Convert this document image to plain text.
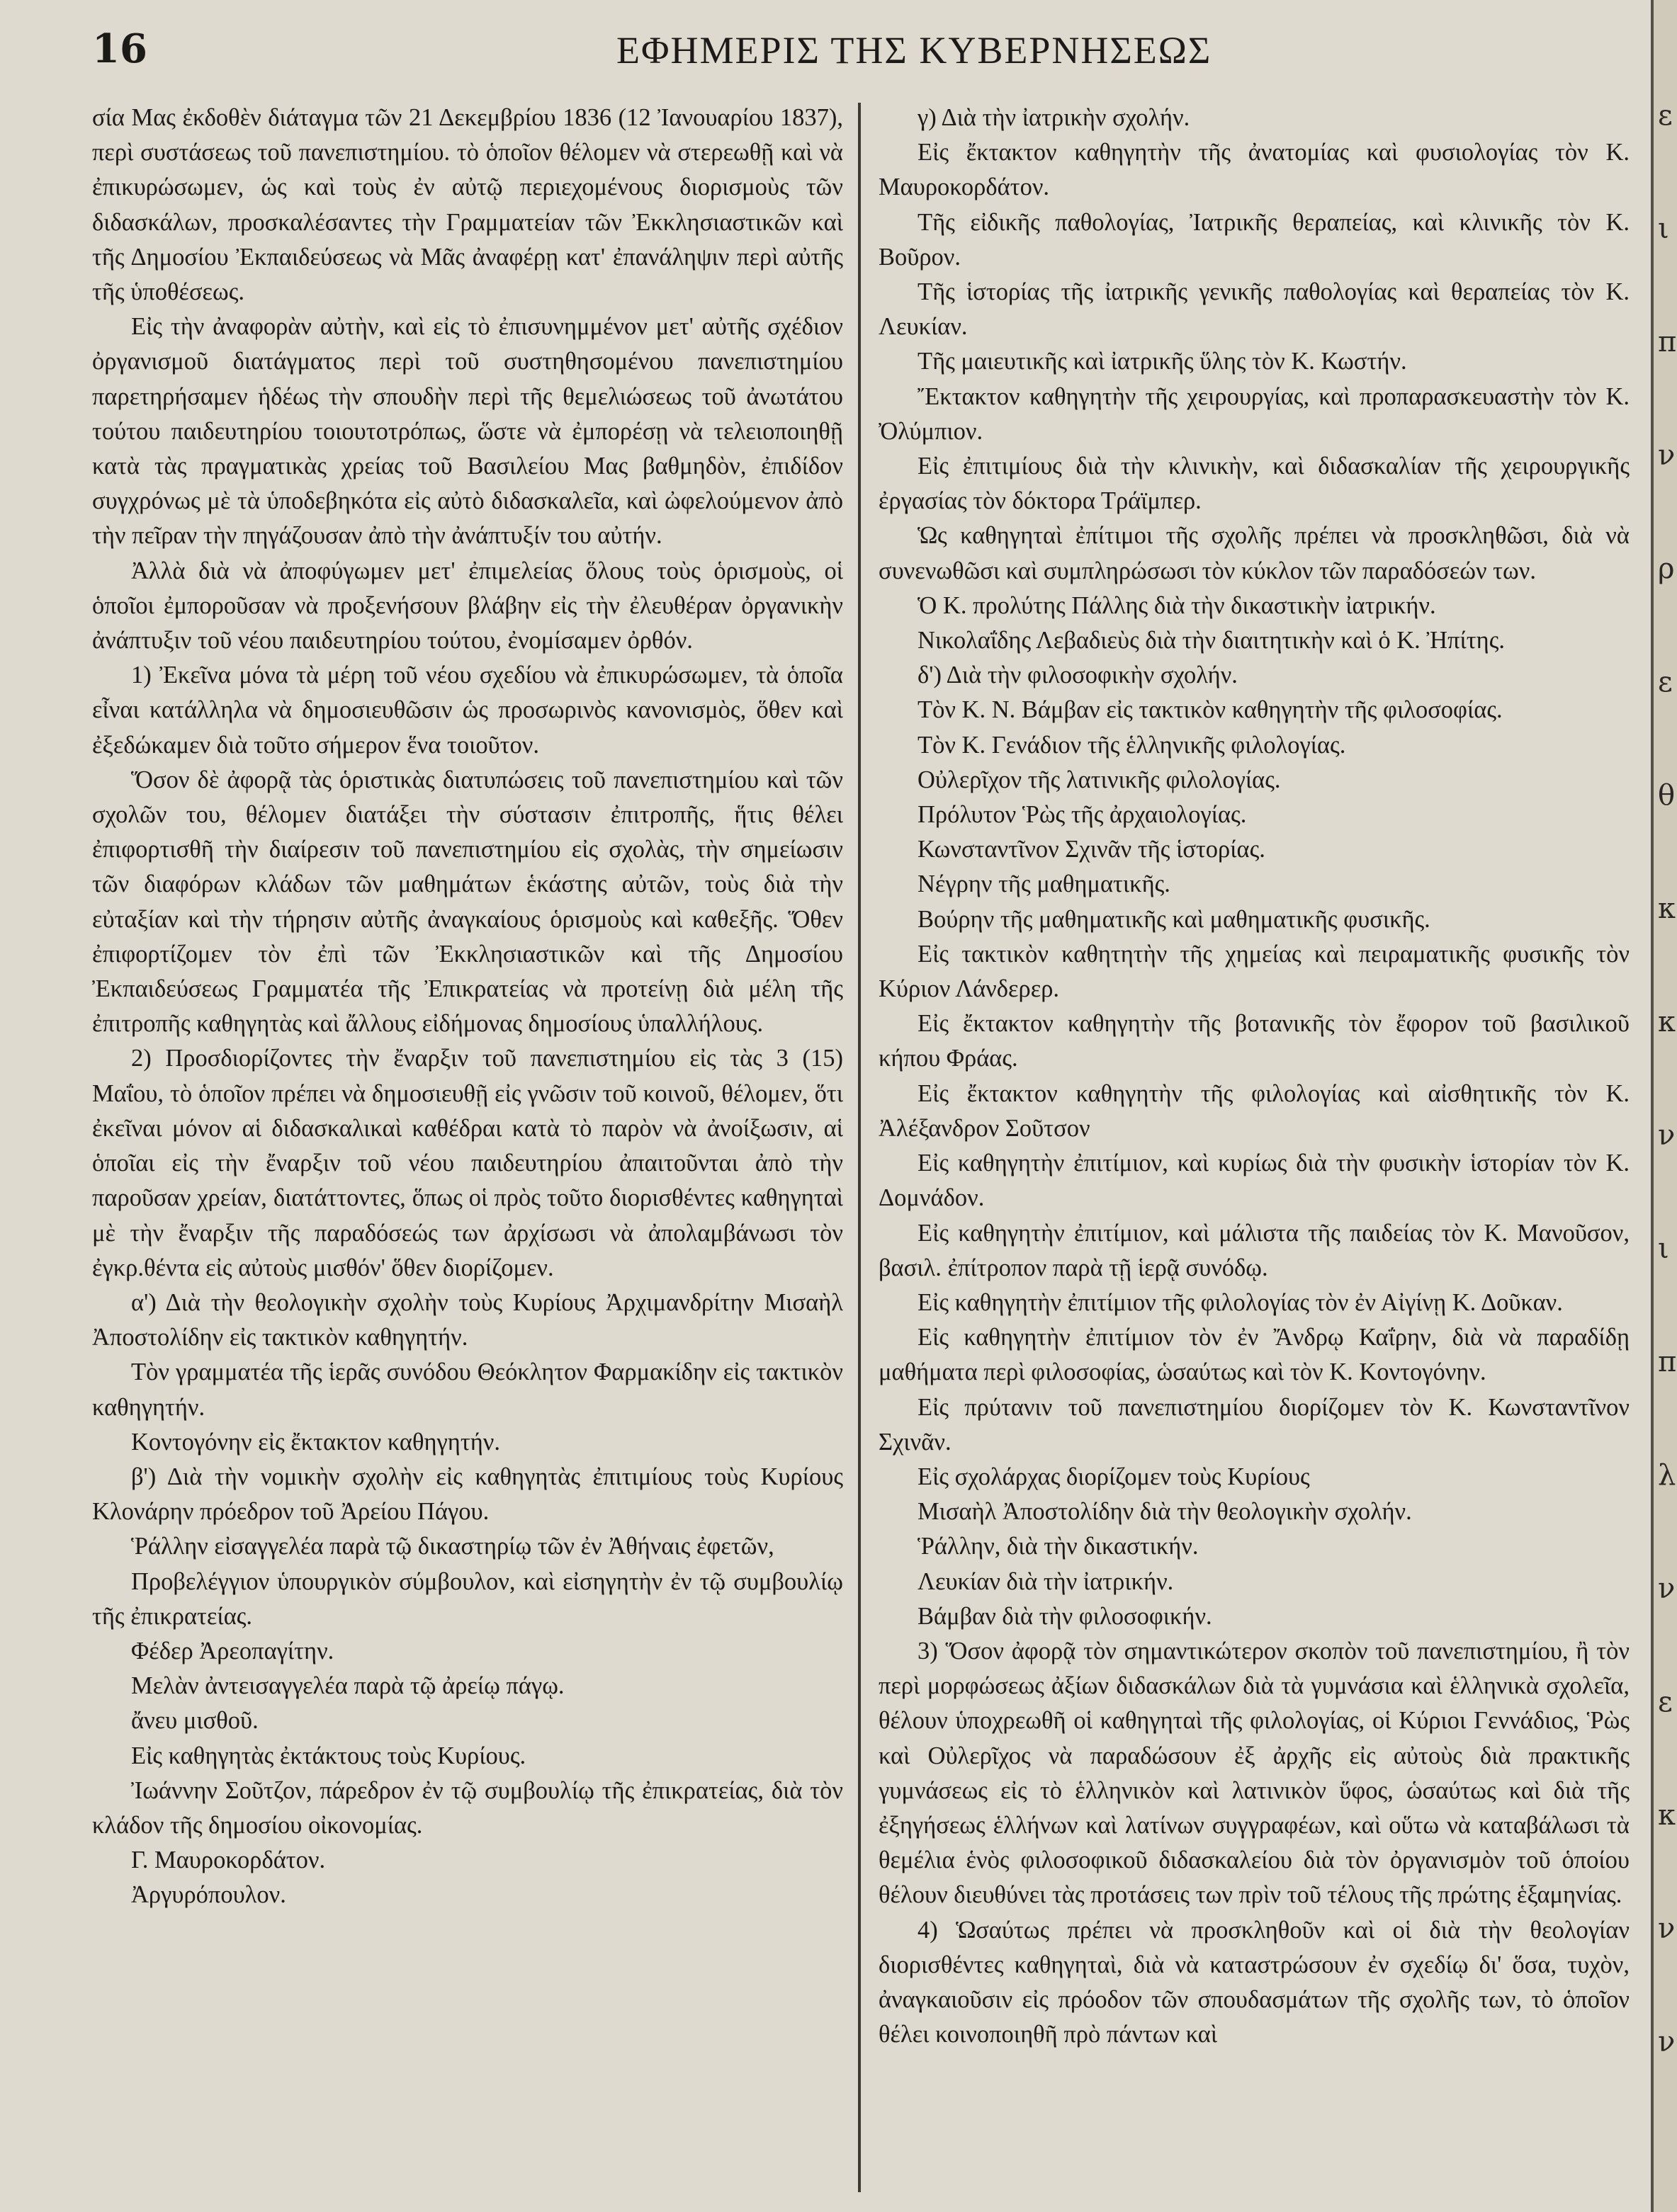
16	ΕΦΗΜΕΡΙΣ ΤΗΣ ΚΥΒΕΡΝΗΣΕΩΣ

σία Μας ἐκδοθὲν διάταγμα τῶν 21 Δεκεμβρίου 1836 (12 Ἰανουαρίου 1837), περὶ συστάσεως τοῦ πανεπιστημίου. τὸ ὁποῖον θέλομεν νὰ στερεωθῇ καὶ νὰ ἐπικυρώσωμεν, ὡς καὶ τοὺς ἐν αὐτῷ περιεχομένους διορισμοὺς τῶν διδασκάλων, προσκαλέσαντες τὴν Γραμματείαν τῶν Ἐκκλησιαστικῶν καὶ τῆς Δημοσίου Ἐκπαιδεύσεως νὰ Μᾶς ἀναφέρῃ κατ' ἐπανάληψιν περὶ αὐτῆς τῆς ὑποθέσεως.

Εἰς τὴν ἀναφορὰν αὐτὴν, καὶ εἰς τὸ ἐπισυνημμένον μετ' αὐτῆς σχέδιον ὀργανισμοῦ διατάγματος περὶ τοῦ συστηθησομένου πανεπιστημίου παρετηρήσαμεν ἡδέως τὴν σπουδὴν περὶ τῆς θεμελιώσεως τοῦ ἀνωτάτου τούτου παιδευτηρίου τοιουτοτρόπως, ὥστε νὰ ἐμπορέσῃ νὰ τελειοποιηθῇ κατὰ τὰς πραγματικὰς χρείας τοῦ Βασιλείου Μας βαθμηδὸν, ἐπιδίδον συγχρόνως μὲ τὰ ὑποδεβηκότα εἰς αὐτὸ διδασκαλεῖα, καὶ ὠφελούμενον ἀπὸ τὴν πεῖραν τὴν πηγάζουσαν ἀπὸ τὴν ἀνάπτυξίν του αὐτήν.

Ἀλλὰ διὰ νὰ ἀποφύγωμεν μετ' ἐπιμελείας ὅλους τοὺς ὁρισμοὺς, οἱ ὁποῖοι ἐμποροῦσαν νὰ προξενήσουν βλάβην εἰς τὴν ἐλευθέραν ὀργανικὴν ἀνάπτυξιν τοῦ νέου παιδευτηρίου τούτου, ἐνομίσαμεν ὀρθόν.

1) Ἐκεῖνα μόνα τὰ μέρη τοῦ νέου σχεδίου νὰ ἐπικυρώσωμεν, τὰ ὁποῖα εἶναι κατάλληλα νὰ δημοσιευθῶσιν ὡς προσωρινὸς κανονισμὸς, ὅθεν καὶ ἐξεδώκαμεν διὰ τοῦτο σήμερον ἕνα τοιοῦτον.

Ὅσον δὲ ἀφορᾷ τὰς ὁριστικὰς διατυπώσεις τοῦ πανεπιστημίου καὶ τῶν σχολῶν του, θέλομεν διατάξει τὴν σύστασιν ἐπιτροπῆς, ἥτις θέλει ἐπιφορτισθῆ τὴν διαίρεσιν τοῦ πανεπιστημίου εἰς σχολὰς, τὴν σημείωσιν τῶν διαφόρων κλάδων τῶν μαθημάτων ἑκάστης αὐτῶν, τοὺς διὰ τὴν εὐταξίαν καὶ τὴν τήρησιν αὐτῆς ἀναγκαίους ὁρισμοὺς καὶ καθεξῆς. Ὅθεν ἐπιφορτίζομεν τὸν ἐπὶ τῶν Ἐκκλησιαστικῶν καὶ τῆς Δημοσίου Ἐκπαιδεύσεως Γραμματέα τῆς Ἐπικρατείας νὰ προτείνῃ διὰ μέλη τῆς ἐπιτροπῆς καθηγητὰς καὶ ἄλλους εἰδήμονας δημοσίους ὑπαλλήλους.

2) Προσδιορίζοντες τὴν ἔναρξιν τοῦ πανεπιστημίου εἰς τὰς 3 (15) Μαΐου, τὸ ὁποῖον πρέπει νὰ δημοσιευθῇ εἰς γνῶσιν τοῦ κοινοῦ, θέλομεν, ὅτι ἐκεῖναι μόνον αἱ διδασκαλικαὶ καθέδραι κατὰ τὸ παρὸν νὰ ἀνοίξωσιν, αἱ ὁποῖαι εἰς τὴν ἔναρξιν τοῦ νέου παιδευτηρίου ἀπαιτοῦνται ἀπὸ τὴν παροῦσαν χρείαν, διατάττοντες, ὅπως οἱ πρὸς τοῦτο διορισθέντες καθηγηταὶ μὲ τὴν ἔναρξιν τῆς παραδόσεώς των ἀρχίσωσι νὰ ἀπολαμβάνωσι τὸν ἐγκρ.θέντα εἰς αὐτοὺς μισθόν' ὅθεν διορίζομεν.

α') Διὰ τὴν θεολογικὴν σχολὴν τοὺς Κυρίους Ἀρχιμανδρίτην Μισαὴλ Ἀποστολίδην εἰς τακτικὸν καθηγητήν.

Τὸν γραμματέα τῆς ἱερᾶς συνόδου Θεόκλητον Φαρμακίδην εἰς τακτικὸν καθηγητήν.

Κοντογόνην εἰς ἔκτακτον καθηγητήν.

β') Διὰ τὴν νομικὴν σχολὴν εἰς καθηγητὰς ἐπιτιμίους τοὺς Κυρίους Κλονάρην πρόεδρον τοῦ Ἀρείου Πάγου.

Ῥάλλην εἰσαγγελέα παρὰ τῷ δικαστηρίῳ τῶν ἐν Ἀθήναις ἐφετῶν,

Προβελέγγιον ὑπουργικὸν σύμβουλον, καὶ εἰσηγητὴν ἐν τῷ συμβουλίῳ τῆς ἐπικρατείας.

Φέδερ Ἀρεοπαγίτην.

Μελὰν ἀντεισαγγελέα παρὰ τῷ ἀρείῳ πάγῳ.

ἄνευ μισθοῦ.

Εἰς καθηγητὰς ἐκτάκτους τοὺς Κυρίους.

Ἰωάννην Σοῦτζον, πάρεδρον ἐν τῷ συμβουλίῳ τῆς ἐπικρατείας, διὰ τὸν κλάδον τῆς δημοσίου οἰκονομίας.

Γ. Μαυροκορδάτον.

Ἀργυρόπουλον.

γ) Διὰ τὴν ἰατρικὴν σχολήν.

Εἰς ἔκτακτον καθηγητὴν τῆς ἀνατομίας καὶ φυσιολογίας τὸν Κ. Μαυροκορδάτον.

Τῆς εἰδικῆς παθολογίας, Ἰατρικῆς θεραπείας, καὶ κλινικῆς τὸν Κ. Βοῦρον.

Τῆς ἱστορίας τῆς ἰατρικῆς γενικῆς παθολογίας καὶ θεραπείας τὸν Κ. Λευκίαν.

Τῆς μαιευτικῆς καὶ ἰατρικῆς ὕλης τὸν Κ. Κωστήν.

Ἔκτακτον καθηγητὴν τῆς χειρουργίας, καὶ προπαρασκευαστὴν τὸν Κ. Ὀλύμπιον.

Εἰς ἐπιτιμίους διὰ τὴν κλινικὴν, καὶ διδασκαλίαν τῆς χειρουργικῆς ἐργασίας τὸν δόκτορα Τράϊμπερ.

Ὡς καθηγηταὶ ἐπίτιμοι τῆς σχολῆς πρέπει νὰ προσκληθῶσι, διὰ νὰ συνενωθῶσι καὶ συμπληρώσωσι τὸν κύκλον τῶν παραδόσεών των.

Ὁ Κ. προλύτης Πάλλης διὰ τὴν δικαστικὴν ἰατρικήν.

Νικολαΐδης Λεβαδιεὺς διὰ τὴν διαιτητικὴν καὶ ὁ Κ. Ἠπίτης.

δ') Διὰ τὴν φιλοσοφικὴν σχολήν.

Τὸν Κ. Ν. Βάμβαν εἰς τακτικὸν καθηγητὴν τῆς φιλοσοφίας.

Τὸν Κ. Γενάδιον τῆς ἑλληνικῆς φιλολογίας.

Οὐλερῖχον τῆς λατινικῆς φιλολογίας.

Πρόλυτον Ῥὼς τῆς ἀρχαιολογίας.

Κωνσταντῖνον Σχινᾶν τῆς ἱστορίας.

Νέγρην τῆς μαθηματικῆς.

Βούρην τῆς μαθηματικῆς καὶ μαθηματικῆς φυσικῆς.

Εἰς τακτικὸν καθητητὴν τῆς χημείας καὶ πειραματικῆς φυσικῆς τὸν Κύριον Λάνδερερ.

Εἰς ἔκτακτον καθηγητὴν τῆς βοτανικῆς τὸν ἔφορον τοῦ βασιλικοῦ κήπου Φράας.

Εἰς ἔκτακτον καθηγητὴν τῆς φιλολογίας καὶ αἰσθητικῆς τὸν Κ. Ἀλέξανδρον Σοῦτσον

Εἰς καθηγητὴν ἐπιτίμιον, καὶ κυρίως διὰ τὴν φυσικὴν ἱστορίαν τὸν Κ. Δομνάδον.

Εἰς καθηγητὴν ἐπιτίμιον, καὶ μάλιστα τῆς παιδείας τὸν Κ. Μανοῦσον, βασιλ. ἐπίτροπον παρὰ τῇ ἱερᾷ συνόδῳ.

Εἰς καθηγητὴν ἐπιτίμιον τῆς φιλολογίας τὸν ἐν Αἰγίνῃ Κ. Δοῦκαν.

Εἰς καθηγητὴν ἐπιτίμιον τὸν ἐν Ἄνδρῳ Καΐρην, διὰ νὰ παραδίδῃ μαθήματα περὶ φιλοσοφίας, ὡσαύτως καὶ τὸν Κ. Κοντογόνην.

Εἰς πρύτανιν τοῦ πανεπιστημίου διορίζομεν τὸν Κ. Κωνσταντῖνον Σχινᾶν.

Εἰς σχολάρχας διορίζομεν τοὺς Κυρίους

Μισαὴλ Ἀποστολίδην διὰ τὴν θεολογικὴν σχολήν.

Ῥάλλην, διὰ τὴν δικαστικήν.

Λευκίαν διὰ τὴν ἰατρικήν.

Βάμβαν διὰ τὴν φιλοσοφικήν.

3) Ὅσον ἀφορᾷ τὸν σημαντικώτερον σκοπὸν τοῦ πανεπιστημίου, ἢ τὸν περὶ μορφώσεως ἀξίων διδασκάλων διὰ τὰ γυμνάσια καὶ ἑλληνικὰ σχολεῖα, θέλουν ὑποχρεωθῆ οἱ καθηγηταὶ τῆς φιλολογίας, οἱ Κύριοι Γεννάδιος, Ῥὼς καὶ Οὐλερῖχος νὰ παραδώσουν ἐξ ἀρχῆς εἰς αὐτοὺς διὰ πρακτικῆς γυμνάσεως εἰς τὸ ἑλληνικὸν καὶ λατινικὸν ὕφος, ὡσαύτως καὶ διὰ τῆς ἐξηγήσεως ἑλλήνων καὶ λατίνων συγγραφέων, καὶ οὕτω νὰ καταβάλωσι τὰ θεμέλια ἑνὸς φιλοσοφικοῦ διδασκαλείου διὰ τὸν ὀργανισμὸν τοῦ ὁποίου θέλουν διευθύνει τὰς προτάσεις των πρὶν τοῦ τέλους τῆς πρώτης ἑξαμηνίας.

4) Ὡσαύτως πρέπει νὰ προσκληθοῦν καὶ οἱ διὰ τὴν θεολογίαν διορισθέντες καθηγηταὶ, διὰ νὰ καταστρώσουν ἐν σχεδίῳ δι' ὅσα, τυχὸν, ἀναγκαιοῦσιν εἰς πρόοδον τῶν σπουδασμάτων τῆς σχολῆς των, τὸ ὁποῖον θέλει κοινοποιηθῆ πρὸ πάντων καὶ

ε
ι
π
ν
ρ
ε
θ
κ
κ
ν
ι
π
λ
ν
ε
κ
ν
ν
